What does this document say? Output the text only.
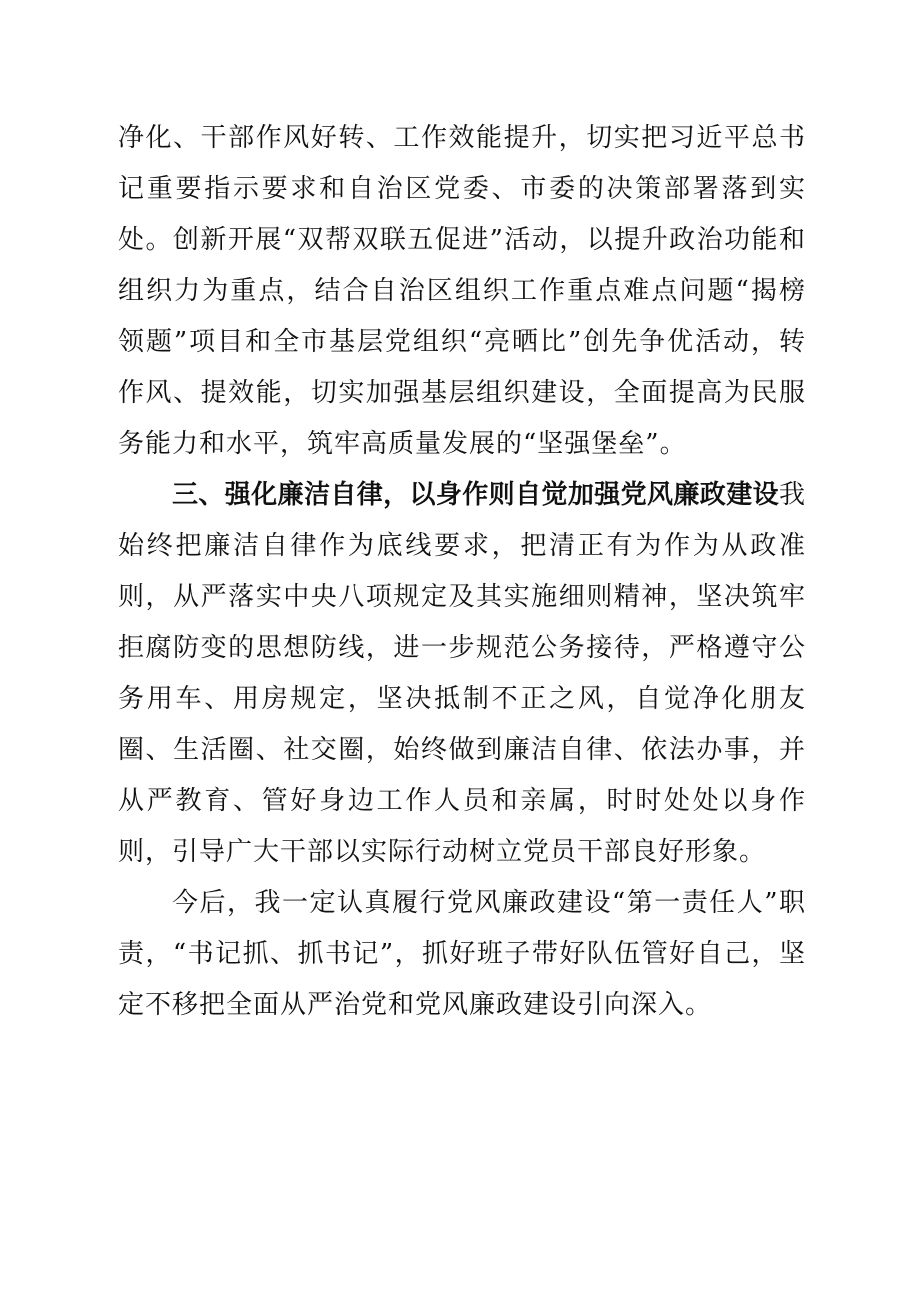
净化、干部作风好转、工作效能提升，切实把习近平总书记重要指示要求和自治区党委、市委的决策部署落到实处。创新开展“双帮双联五促进”活动，以提升政治功能和组织力为重点，结合自治区组织工作重点难点问题“揭榜领题”项目和全市基层党组织“亮晒比”创先争优活动，转作风、提效能，切实加强基层组织建设，全面提高为民服务能力和水平，筑牢高质量发展的“坚强堡垒”。

三、强化廉洁自律，以身作则自觉加强党风廉政建设我始终把廉洁自律作为底线要求，把清正有为作为从政准则，从严落实中央八项规定及其实施细则精神，坚决筑牢拒腐防变的思想防线，进一步规范公务接待，严格遵守公务用车、用房规定，坚决抵制不正之风，自觉净化朋友圈、生活圈、社交圈，始终做到廉洁自律、依法办事，并从严教育、管好身边工作人员和亲属，时时处处以身作则，引导广大干部以实际行动树立党员干部良好形象。

今后，我一定认真履行党风廉政建设“第一责任人”职责，“书记抓、抓书记”，抓好班子带好队伍管好自己，坚定不移把全面从严治党和党风廉政建设引向深入。
